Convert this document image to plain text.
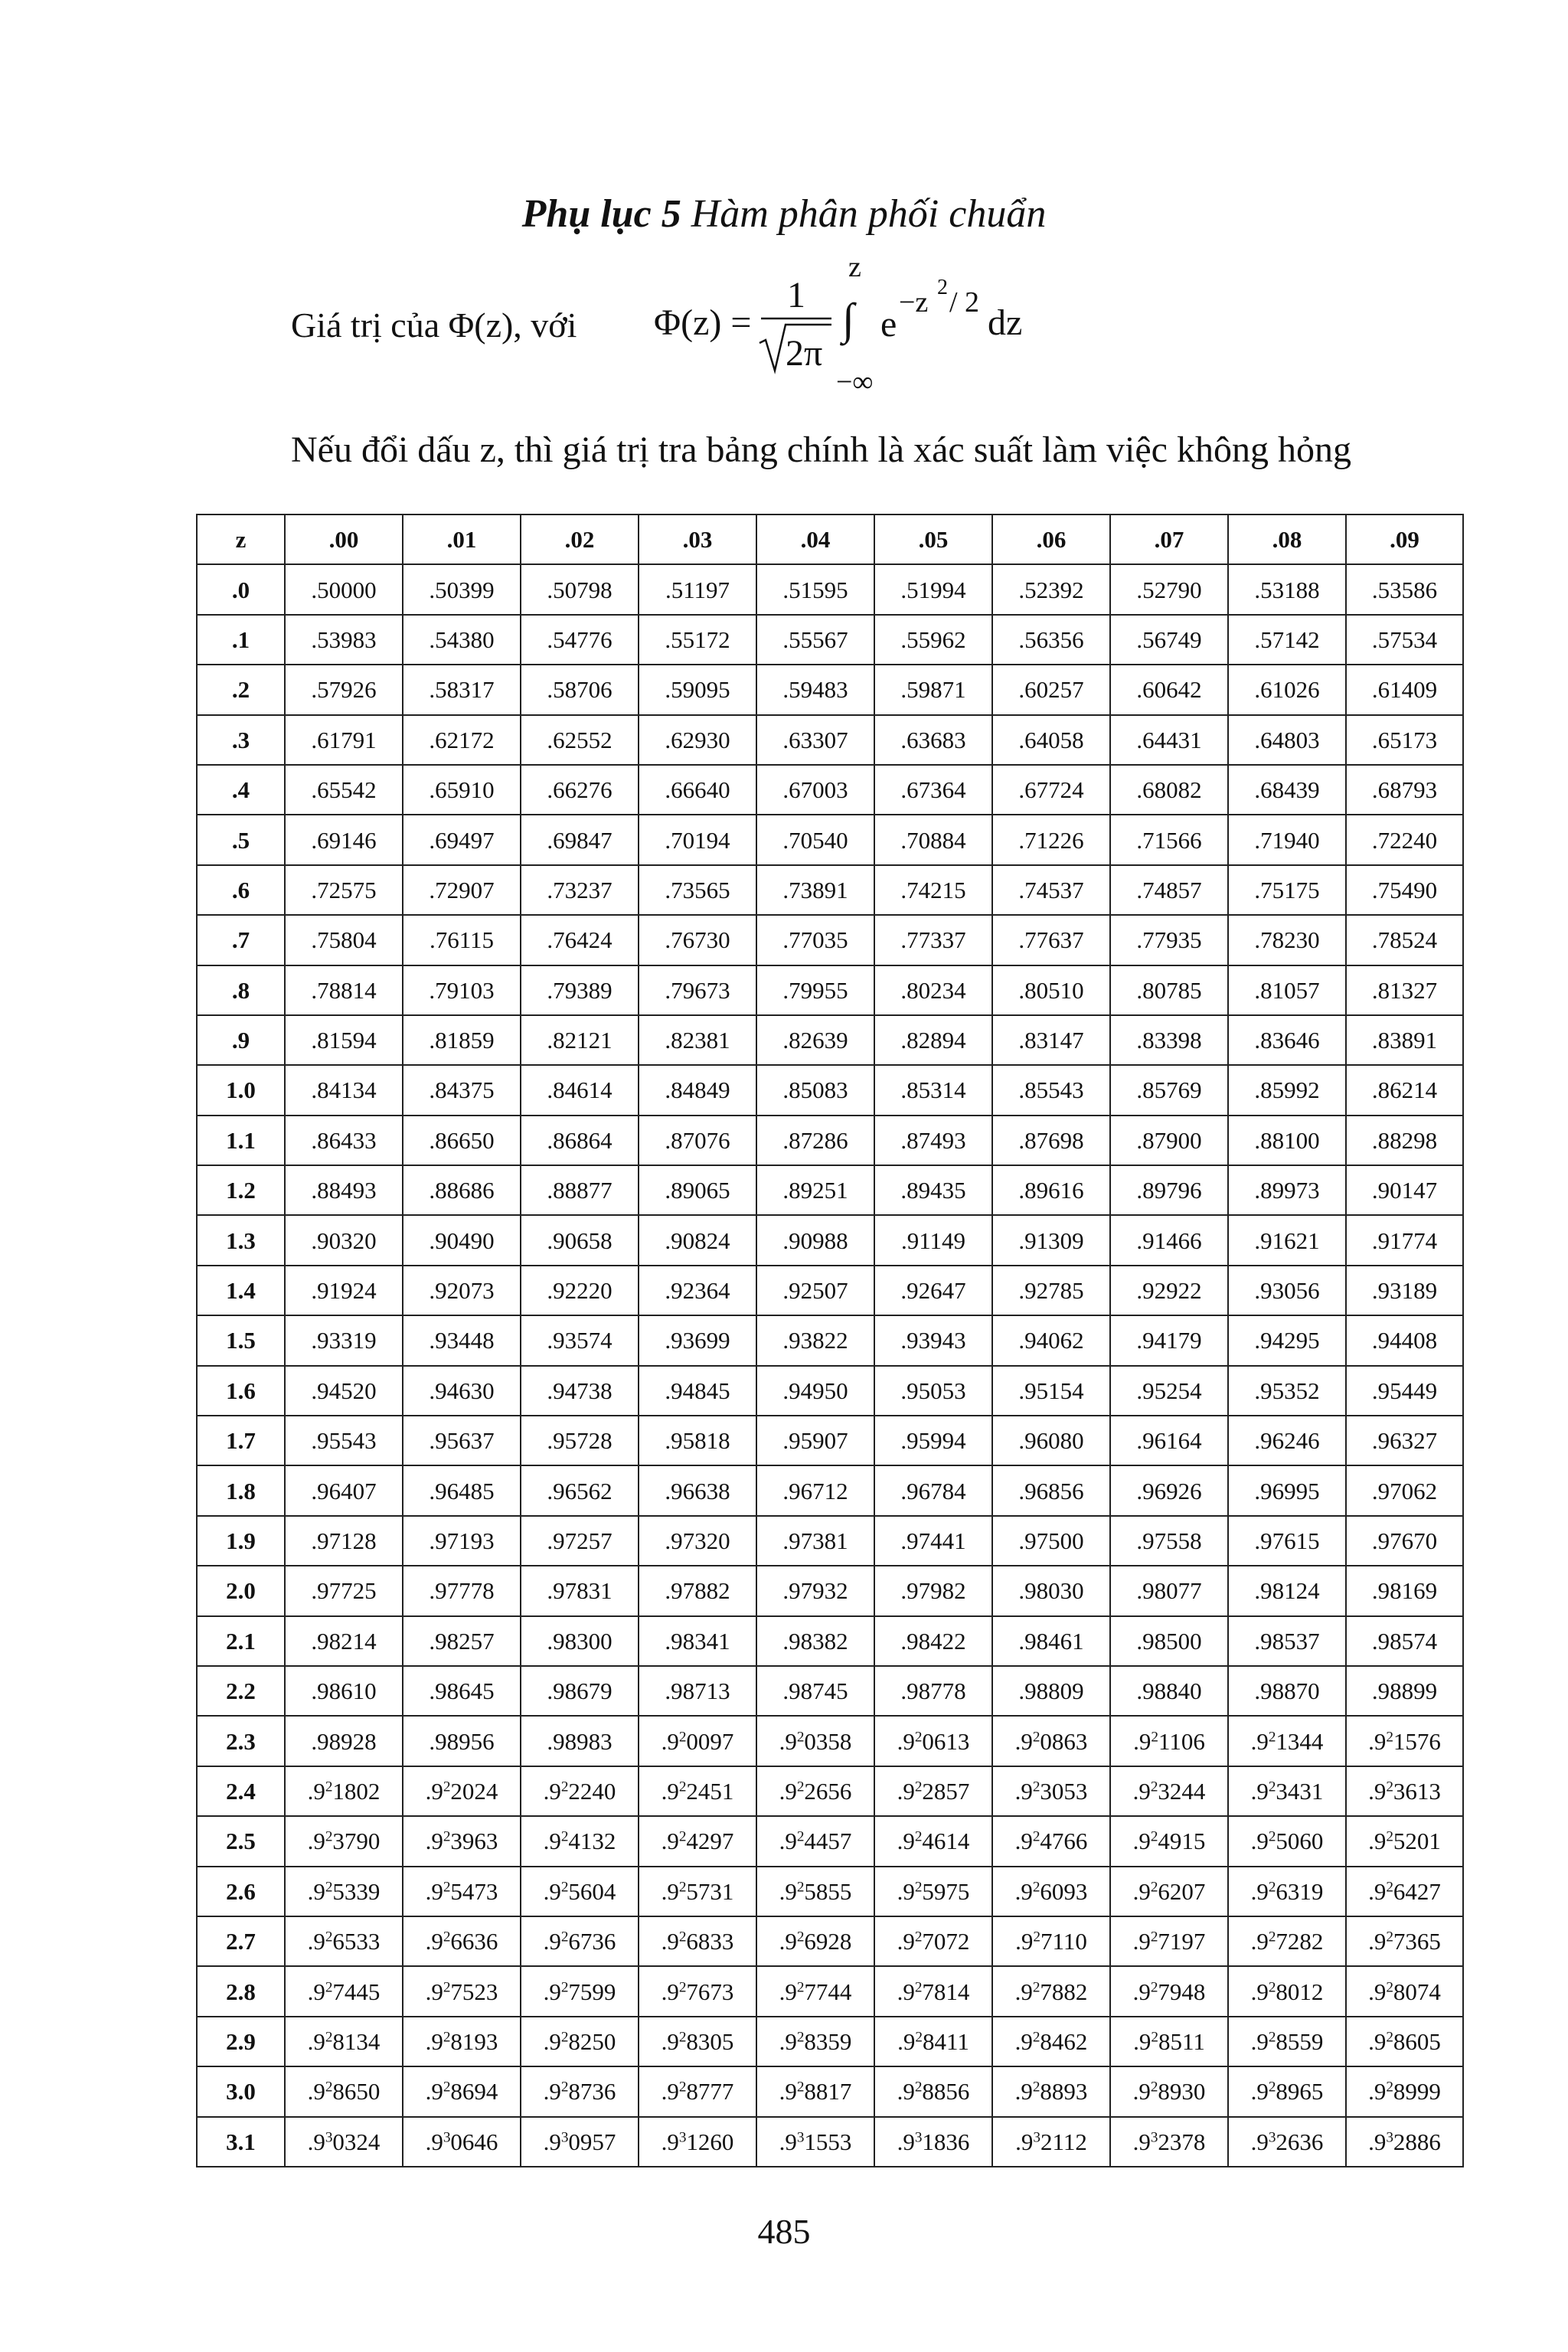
Phụ lục 5 Hàm phân phối chuẩn
Giá trị của Φ(z), với Φ(z) =
1
2π
∫
z
−∞
e
−z 2 / 2 dz
Nếu đổi dấu z, thì giá trị tra bảng chính là xác suất làm việc không hỏng
z	.00	.01	.02	.03	.04	.05	.06	.07	.08	.09
.0	.50000	.50399	.50798	.51197	.51595	.51994	.52392	.52790	.53188	.53586
.1	.53983	.54380	.54776	.55172	.55567	.55962	.56356	.56749	.57142	.57534
.2	.57926	.58317	.58706	.59095	.59483	.59871	.60257	.60642	.61026	.61409
.3	.61791	.62172	.62552	.62930	.63307	.63683	.64058	.64431	.64803	.65173
.4	.65542	.65910	.66276	.66640	.67003	.67364	.67724	.68082	.68439	.68793
.5	.69146	.69497	.69847	.70194	.70540	.70884	.71226	.71566	.71940	.72240
.6	.72575	.72907	.73237	.73565	.73891	.74215	.74537	.74857	.75175	.75490
.7	.75804	.76115	.76424	.76730	.77035	.77337	.77637	.77935	.78230	.78524
.8	.78814	.79103	.79389	.79673	.79955	.80234	.80510	.80785	.81057	.81327
.9	.81594	.81859	.82121	.82381	.82639	.82894	.83147	.83398	.83646	.83891
1.0	.84134	.84375	.84614	.84849	.85083	.85314	.85543	.85769	.85992	.86214
1.1	.86433	.86650	.86864	.87076	.87286	.87493	.87698	.87900	.88100	.88298
1.2	.88493	.88686	.88877	.89065	.89251	.89435	.89616	.89796	.89973	.90147
1.3	.90320	.90490	.90658	.90824	.90988	.91149	.91309	.91466	.91621	.91774
1.4	.91924	.92073	.92220	.92364	.92507	.92647	.92785	.92922	.93056	.93189
1.5	.93319	.93448	.93574	.93699	.93822	.93943	.94062	.94179	.94295	.94408
1.6	.94520	.94630	.94738	.94845	.94950	.95053	.95154	.95254	.95352	.95449
1.7	.95543	.95637	.95728	.95818	.95907	.95994	.96080	.96164	.96246	.96327
1.8	.96407	.96485	.96562	.96638	.96712	.96784	.96856	.96926	.96995	.97062
1.9	.97128	.97193	.97257	.97320	.97381	.97441	.97500	.97558	.97615	.97670
2.0	.97725	.97778	.97831	.97882	.97932	.97982	.98030	.98077	.98124	.98169
2.1	.98214	.98257	.98300	.98341	.98382	.98422	.98461	.98500	.98537	.98574
2.2	.98610	.98645	.98679	.98713	.98745	.98778	.98809	.98840	.98870	.98899
2.3	.98928	.98956	.98983	$.9^20097$	$.9^20358$	$.9^20613$	$.9^20863$	$.9^21106$	$.9^21344$	$.9^21576$
2.4	$.9^21802$	$.9^22024$	$.9^22240$	$.9^22451$	$.9^22656$	$.9^22857$	$.9^23053$	$.9^23244$	$.9^23431$	$.9^23613$
2.5	$.9^23790$	$.9^23963$	$.9^24132$	$.9^24297$	$.9^24457$	$.9^24614$	$.9^24766$	$.9^24915$	$.9^25060$	$.9^25201$
2.6	$.9^25339$	$.9^25473$	$.9^25604$	$.9^25731$	$.9^25855$	$.9^25975$	$.9^26093$	$.9^26207$	$.9^26319$	$.9^26427$
2.7	$.9^26533$	$.9^26636$	$.9^26736$	$.9^26833$	$.9^26928$	$.9^27072$	$.9^27110$	$.9^27197$	$.9^27282$	$.9^27365$
2.8	$.9^27445$	$.9^27523$	$.9^27599$	$.9^27673$	$.9^27744$	$.9^27814$	$.9^27882$	$.9^27948$	$.9^28012$	$.9^28074$
2.9	$.9^28134$	$.9^28193$	$.9^28250$	$.9^28305$	$.9^28359$	$.9^28411$	$.9^28462$	$.9^28511$	$.9^28559$	$.9^28605$
3.0	$.9^28650$	$.9^28694$	$.9^28736$	$.9^28777$	$.9^28817$	$.9^28856$	$.9^28893$	$.9^28930$	$.9^28965$	$.9^28999$
3.1	$.9^30324$	$.9^30646$	$.9^30957$	$.9^31260$	$.9^31553$	$.9^31836$	$.9^32112$	$.9^32378$	$.9^32636$	$.9^32886$
485
